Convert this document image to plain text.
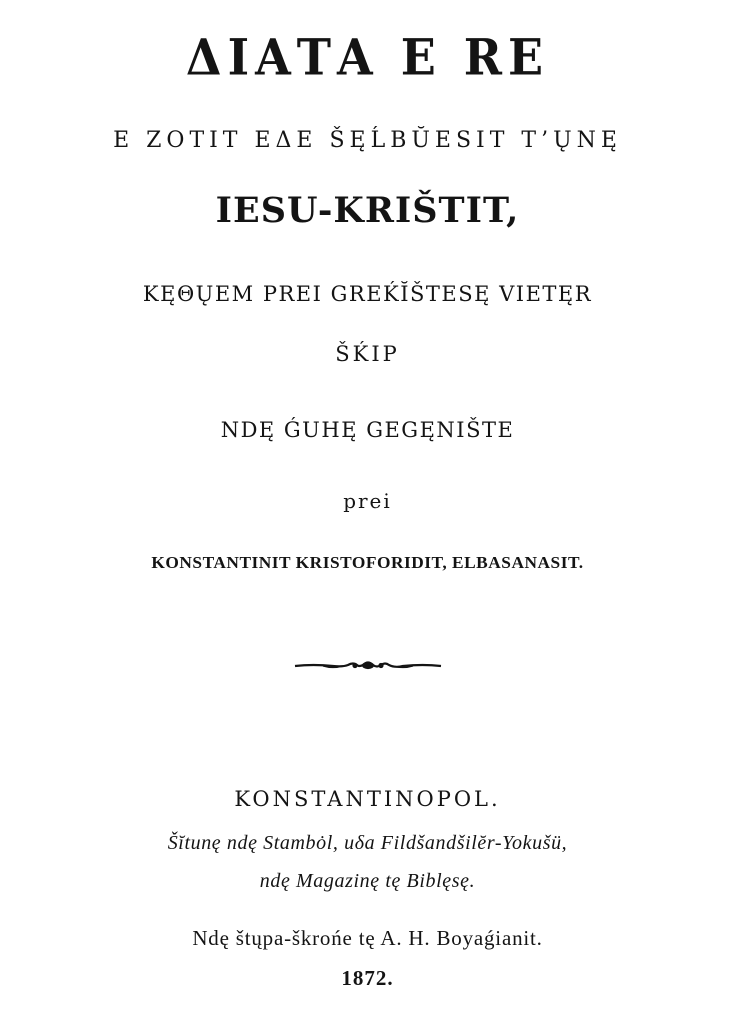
ΔΙΑΤΑ E RE
E ZOTIT EΔE ŠĘĹBŬESIT T’ŲNĘ
IESU-KRIŠTIT,
KĘΘŲEM PREI GREḰĬŠTESĘ VIETĘR
ŠḰIP
NDĘ ǴUHĘ GEGĘNIŠTE
prei
KONSTANTINIT KRISTOFORIDIT, ELBASANASIT.
KONSTANTINOPOL.
Šĭtunę ndę Stambȯl, uδa Fildšandšilĕr-Yokušü,
ndę Magazinę tę Biblęsę.
Ndę štųpa-škrońe tę A. H. Boyaǵianit.
1872.
